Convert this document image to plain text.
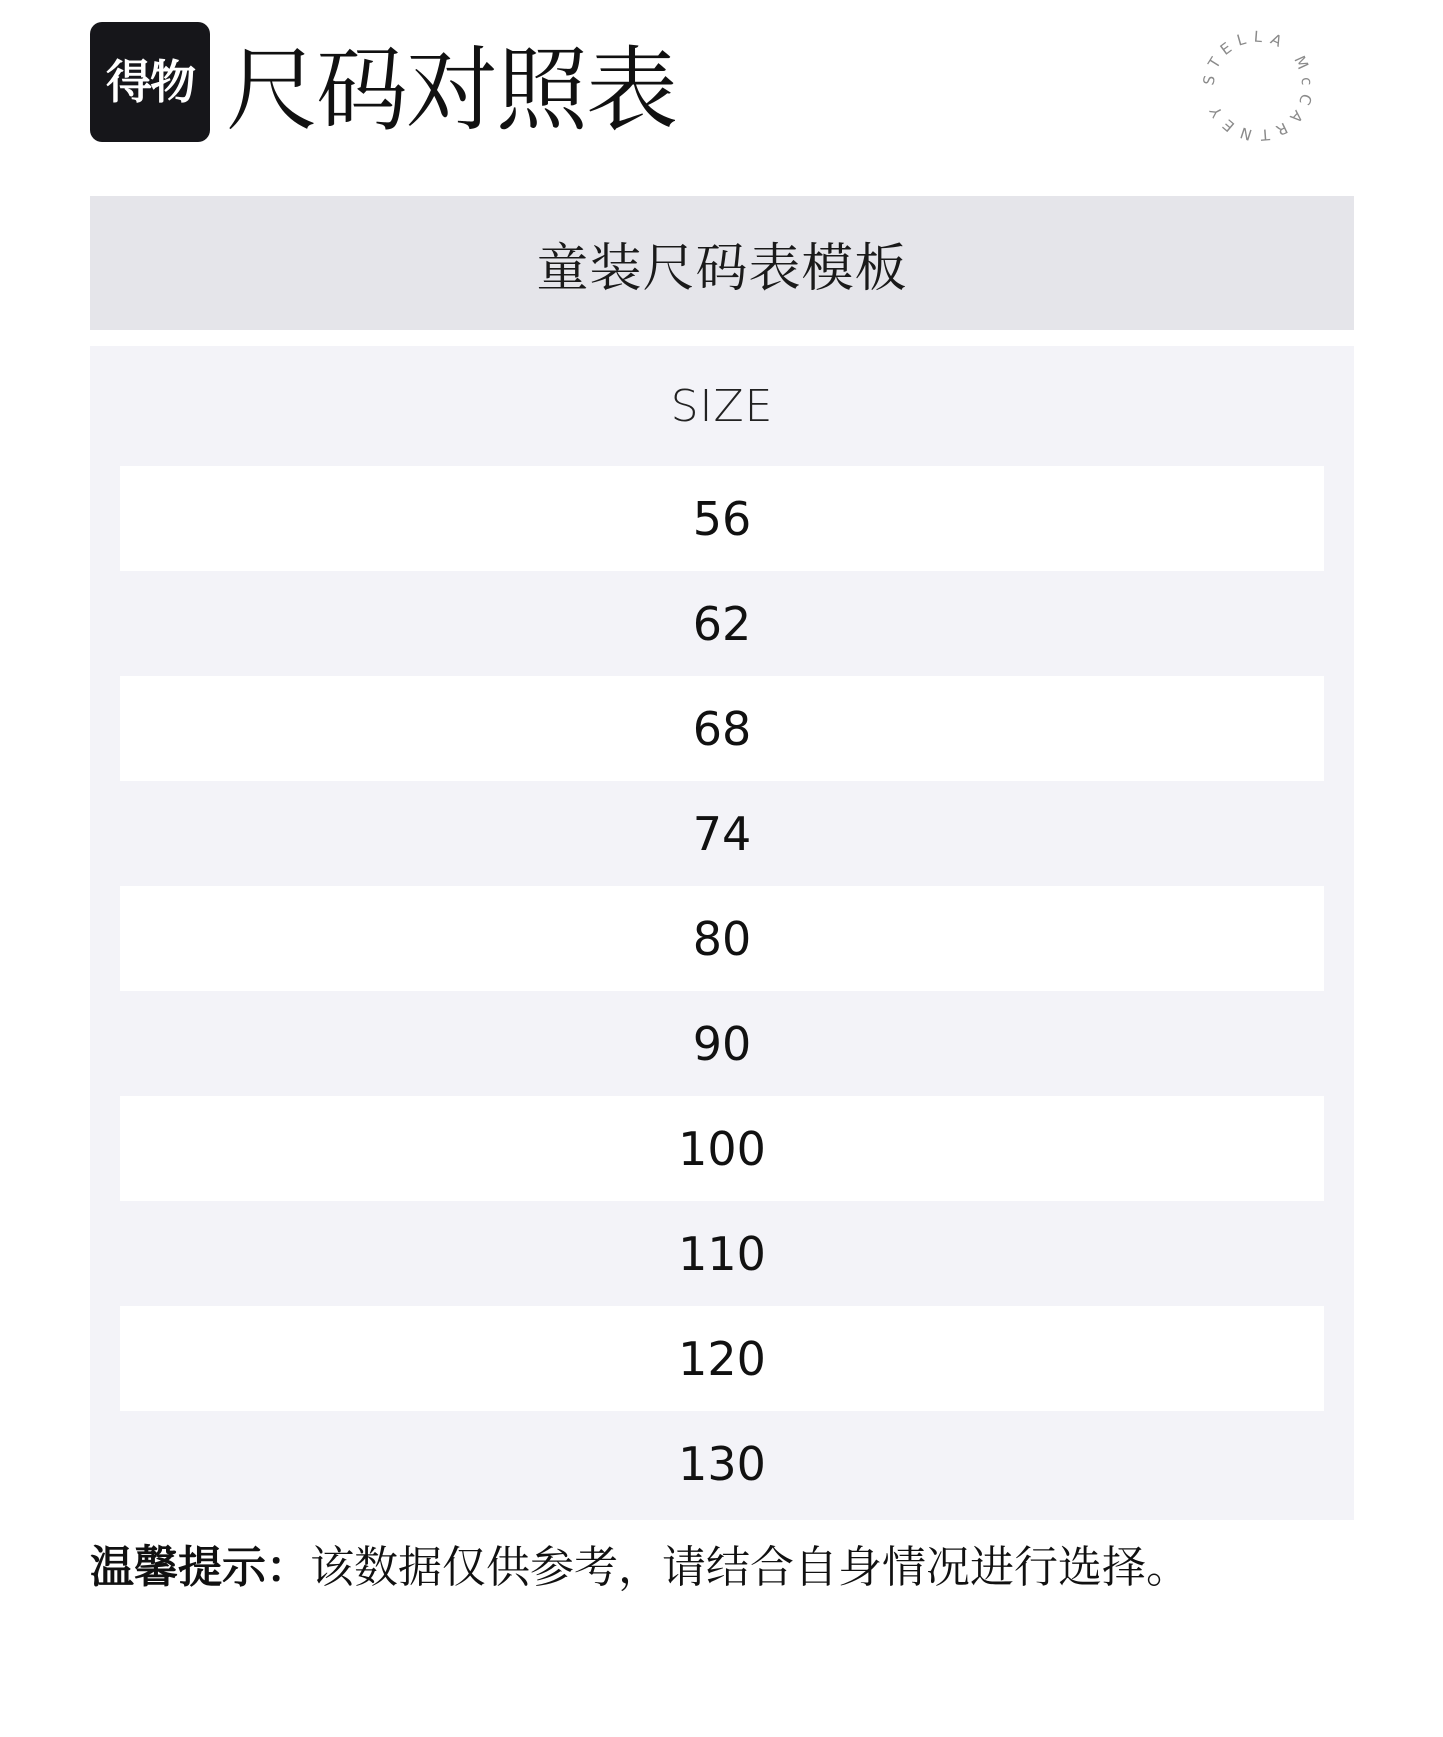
得物 尺码对照表	STELLA McCARTNEY
童装尺码表模板
SIZE
56
62
68
74
80
90
100
110
120
130
温馨提示：该数据仅供参考，请结合自身情况进行选择。
